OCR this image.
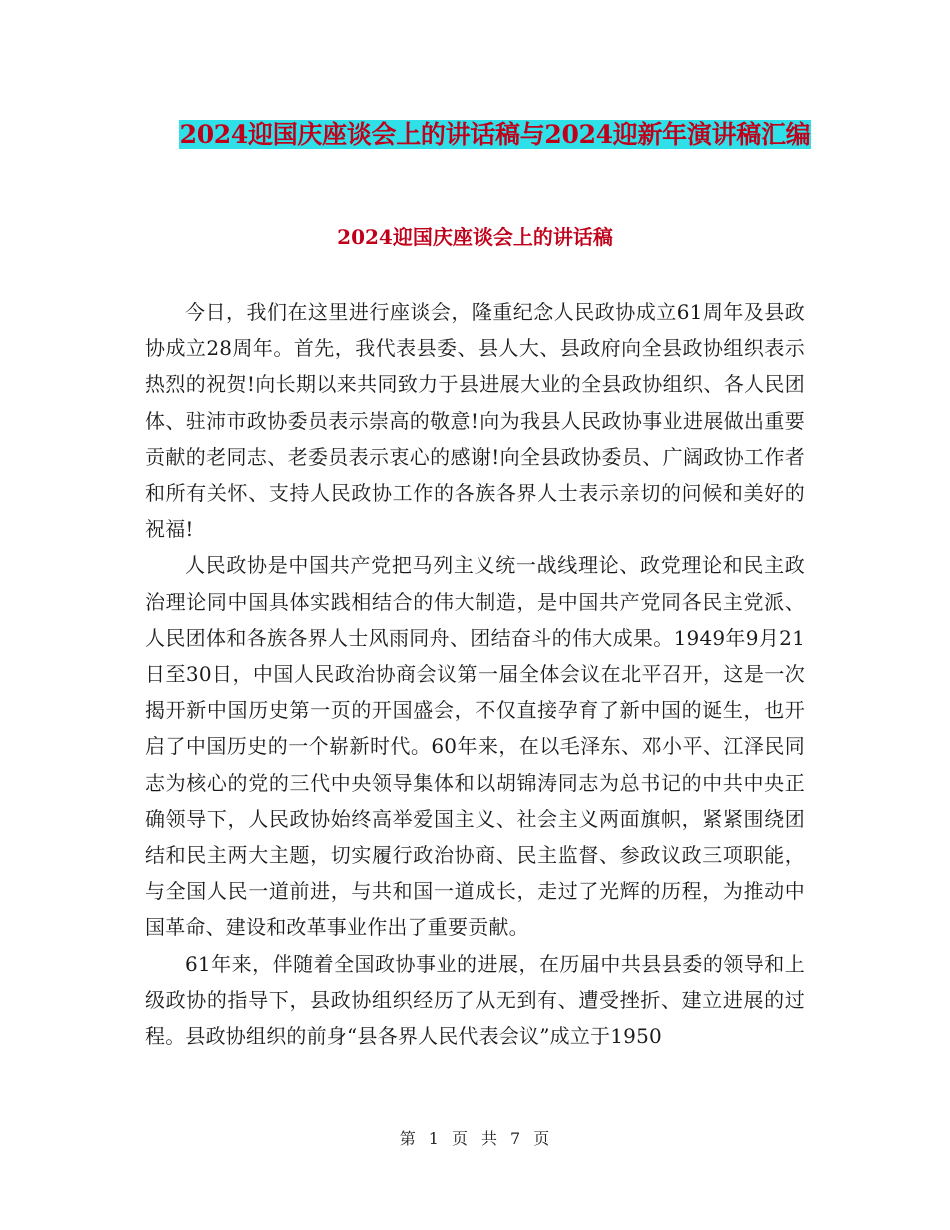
2024迎国庆座谈会上的讲话稿与2024迎新年演讲稿汇编
2024迎国庆座谈会上的讲话稿

今日，我们在这里进行座谈会，隆重纪念人民政协成立61周年及县政协成立28周年。首先，我代表县委、县人大、县政府向全县政协组织表示热烈的祝贺!向长期以来共同致力于县进展大业的全县政协组织、各人民团体、驻沛市政协委员表示崇高的敬意!向为我县人民政协事业进展做出重要贡献的老同志、老委员表示衷心的感谢!向全县政协委员、广阔政协工作者和所有关怀、支持人民政协工作的各族各界人士表示亲切的问候和美好的祝福!

人民政协是中国共产党把马列主义统一战线理论、政党理论和民主政治理论同中国具体实践相结合的伟大制造，是中国共产党同各民主党派、人民团体和各族各界人士风雨同舟、团结奋斗的伟大成果。1949年9月21日至30日，中国人民政治协商会议第一届全体会议在北平召开，这是一次揭开新中国历史第一页的开国盛会，不仅直接孕育了新中国的诞生，也开启了中国历史的一个崭新时代。60年来，在以毛泽东、邓小平、江泽民同志为核心的党的三代中央领导集体和以胡锦涛同志为总书记的中共中央正确领导下，人民政协始终高举爱国主义、社会主义两面旗帜，紧紧围绕团结和民主两大主题，切实履行政治协商、民主监督、参政议政三项职能，与全国人民一道前进，与共和国一道成长，走过了光辉的历程，为推动中国革命、建设和改革事业作出了重要贡献。

61年来，伴随着全国政协事业的进展，在历届中共县县委的领导和上级政协的指导下，县政协组织经历了从无到有、遭受挫折、建立进展的过程。县政协组织的前身“县各界人民代表会议”成立于1950

第 1 页 共 7 页
